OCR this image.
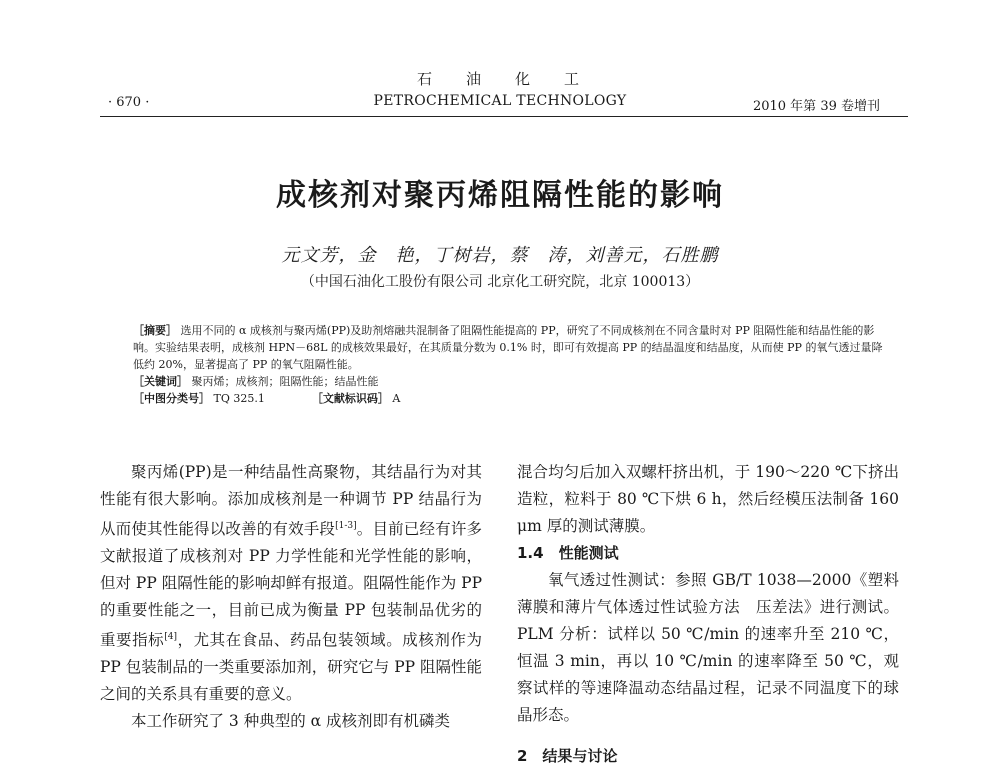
· 670 ·
石油化工
PETROCHEMICAL TECHNOLOGY	2010 年第 39 卷增刊
成核剂对聚丙烯阻隔性能的影响
元文芳，金　艳，丁树岩，蔡　涛，刘善元，石胜鹏
（中国石油化工股份有限公司 北京化工研究院，北京 100013）

［摘要］ 选用不同的 α 成核剂与聚丙烯(PP)及助剂熔融共混制备了阻隔性能提高的 PP，研究了不同成核剂在不同含量时对 PP 阻隔性能和结晶性能的影响。实验结果表明，成核剂 HPN－68L 的成核效果最好，在其质量分数为 0.1% 时，即可有效提高 PP 的结晶温度和结晶度，从而使 PP 的氧气透过量降低约 20%，显著提高了 PP 的氧气阻隔性能。

［关键词］ 聚丙烯；成核剂；阻隔性能；结晶性能

［中图分类号］ TQ 325.1	［文献标识码］ A

聚丙烯(PP)是一种结晶性高聚物，其结晶行为对其性能有很大影响。添加成核剂是一种调节 PP 结晶行为从而使其性能得以改善的有效手段[1-3]。目前已经有许多文献报道了成核剂对 PP 力学性能和光学性能的影响，但对 PP 阻隔性能的影响却鲜有报道。阻隔性能作为 PP 的重要性能之一，目前已成为衡量 PP 包装制品优劣的重要指标[4]，尤其在食品、药品包装领域。成核剂作为 PP 包装制品的一类重要添加剂，研究它与 PP 阻隔性能之间的关系具有重要的意义。

本工作研究了 3 种典型的 α 成核剂即有机磷类

混合均匀后加入双螺杆挤出机，于 190～220 ℃下挤出造粒，粒料于 80 ℃下烘 6 h，然后经模压法制备 160 μm 厚的测试薄膜。

1.4　性能测试

氧气透过性测试：参照 GB/T 1038—2000《塑料薄膜和薄片气体透过性试验方法　压差法》进行测试。PLM 分析：试样以 50 ℃/min 的速率升至 210 ℃，恒温 3 min，再以 10 ℃/min 的速率降至 50 ℃，观察试样的等速降温动态结晶过程，记录不同温度下的球晶形态。

2　结果与讨论
